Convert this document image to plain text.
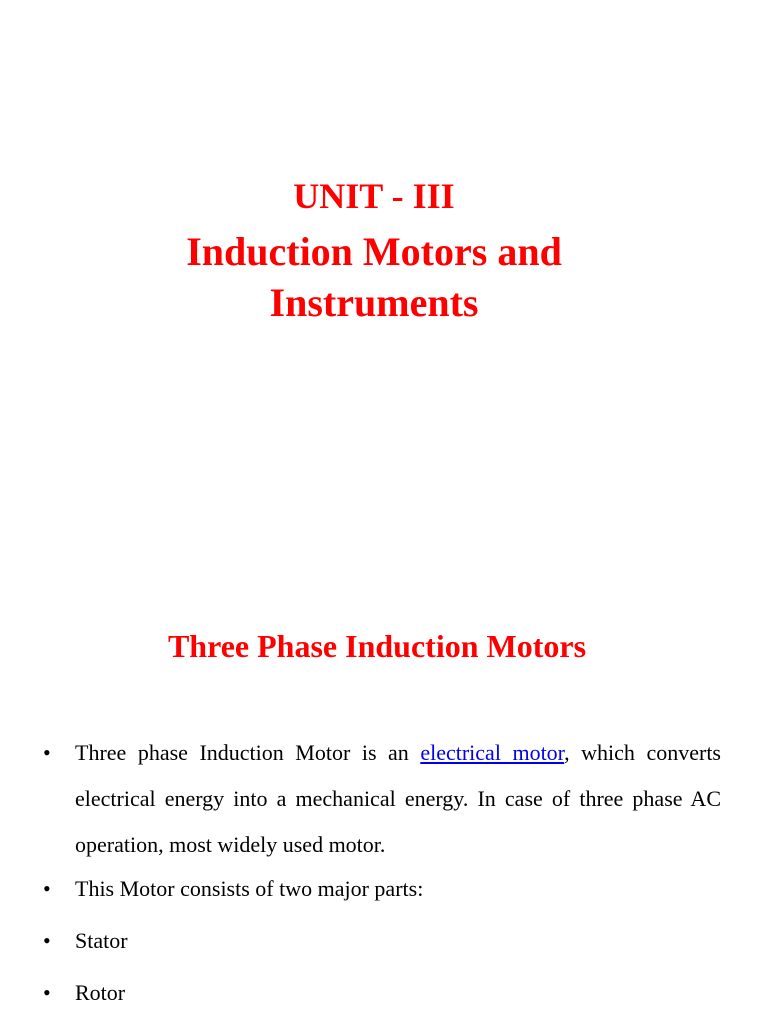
UNIT - III
Induction Motors and
Instruments
Three Phase Induction Motors
• Three phase Induction Motor is an electrical motor, which converts electrical energy into a mechanical energy. In case of three phase AC operation, most widely used motor.
• This Motor consists of two major parts:
• Stator
• Rotor
